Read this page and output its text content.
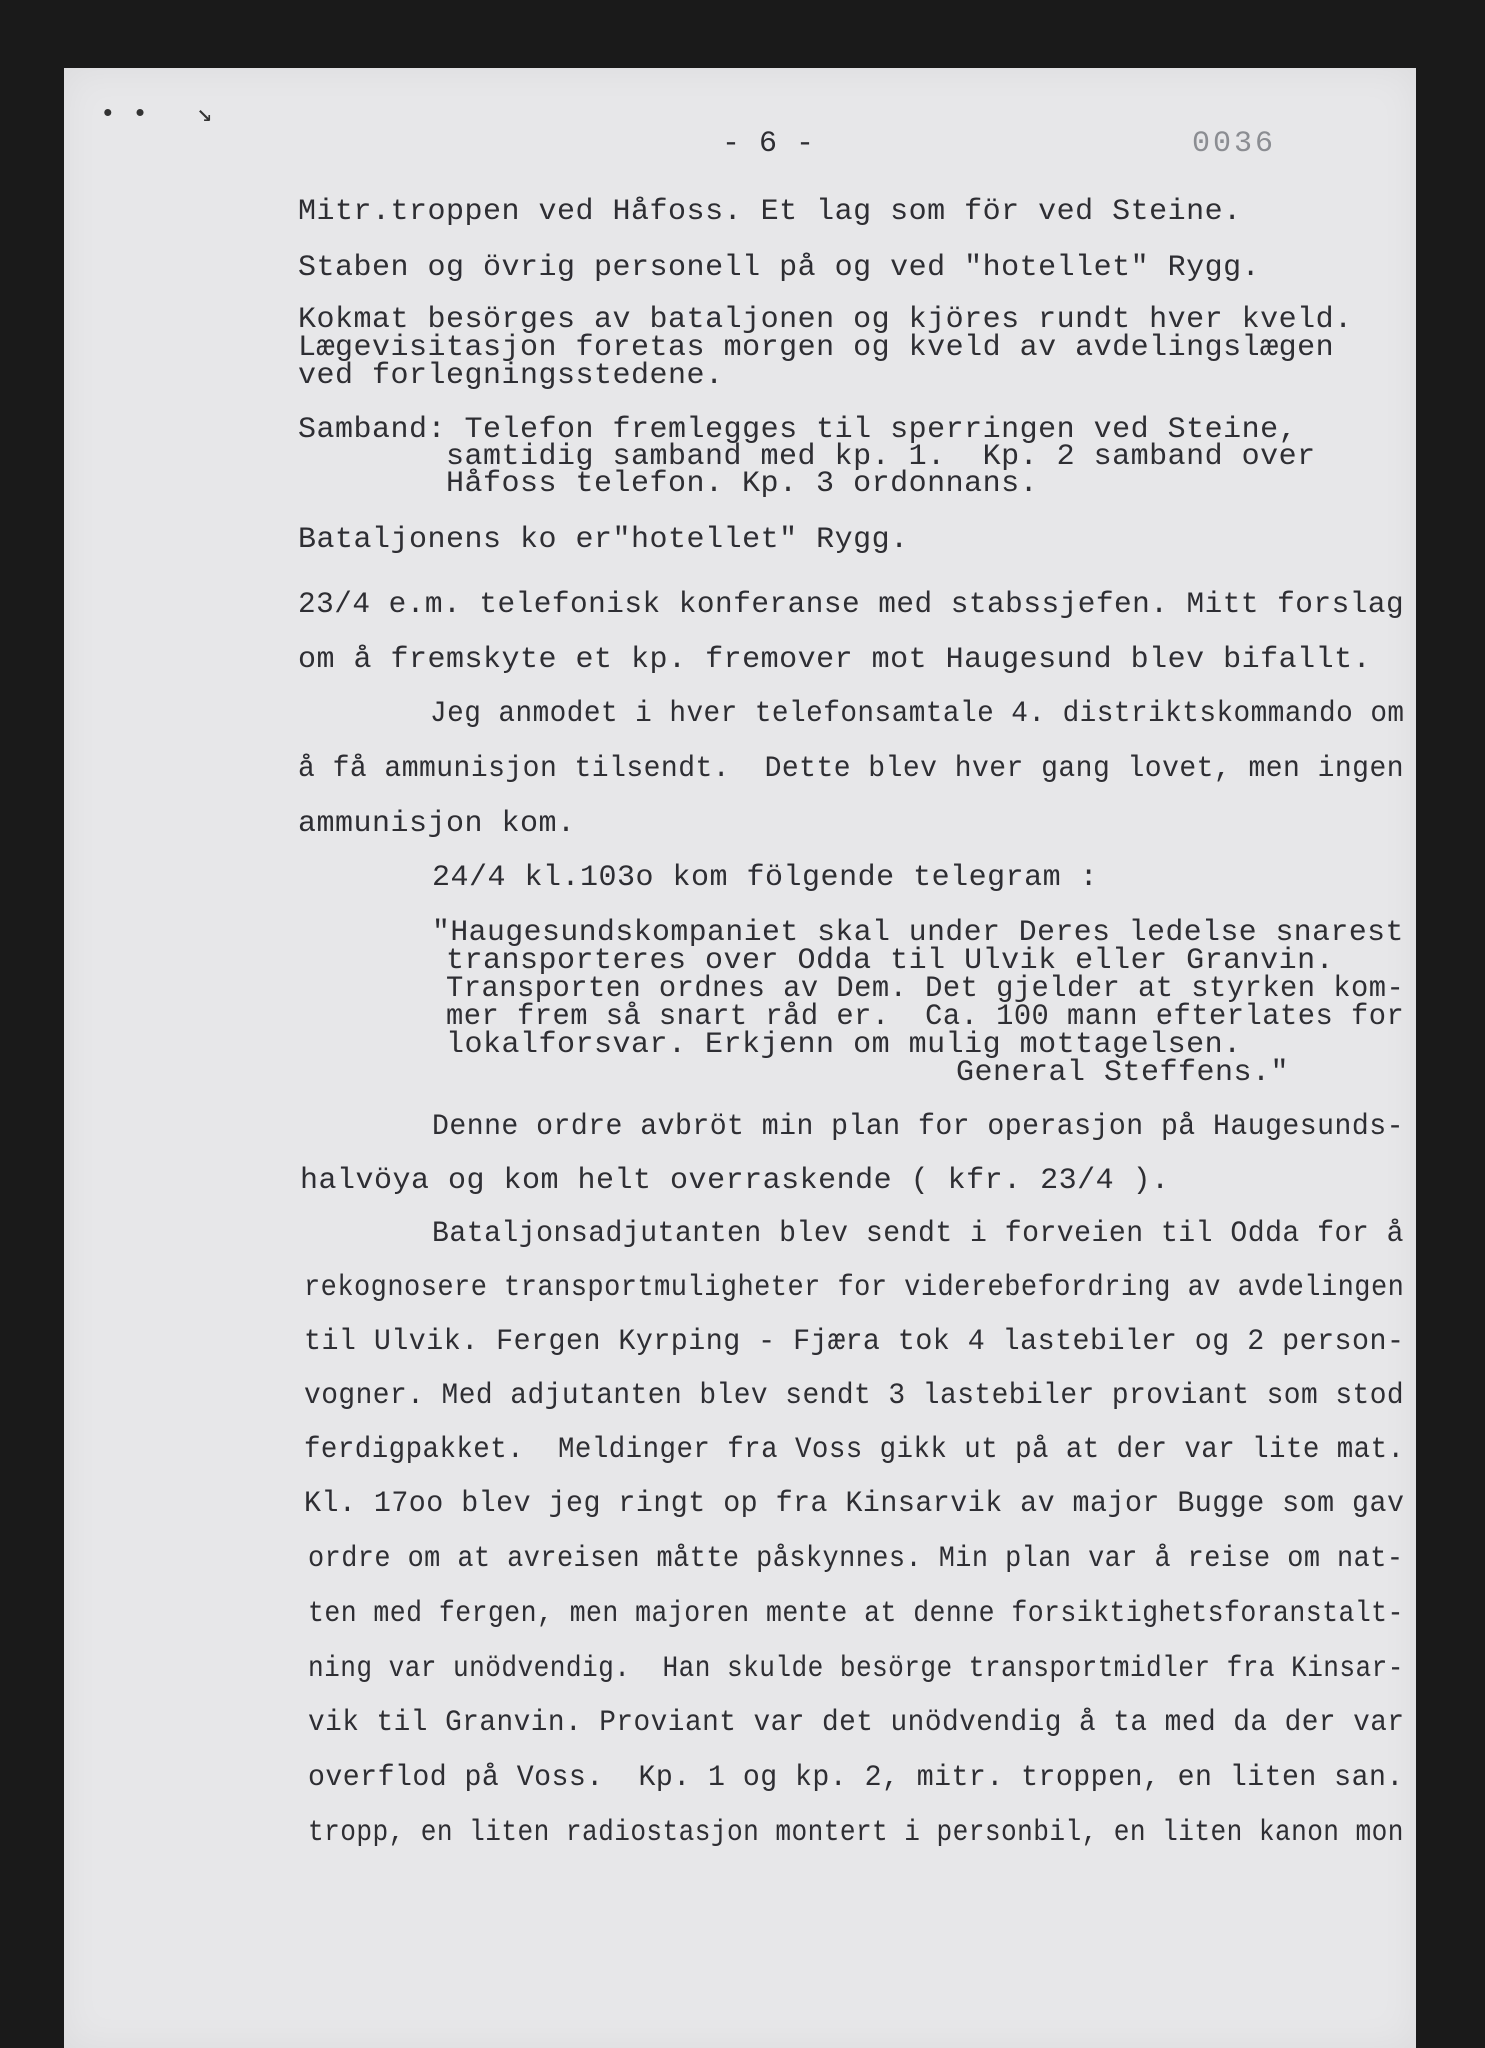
• •   ↘
- 6 -	0036
Mitr.troppen ved Håfoss. Et lag som för ved Steine.
Staben og övrig personell på og ved "hotellet" Rygg.
Kokmat besörges av bataljonen og kjöres rundt hver kveld.
Lægevisitasjon foretas morgen og kveld av avdelingslægen
ved forlegningsstedene.
Samband: Telefon fremlegges til sperringen ved Steine,
samtidig samband med kp. 1.  Kp. 2 samband over
Håfoss telefon. Kp. 3 ordonnans.
Bataljonens ko er"hotellet" Rygg.
23/4 e.m. telefonisk konferanse med stabssjefen. Mitt forslag
om å fremskyte et kp. fremover mot Haugesund blev bifallt.
Jeg anmodet i hver telefonsamtale 4. distriktskommando om
å få ammunisjon tilsendt.  Dette blev hver gang lovet, men ingen
ammunisjon kom.
24/4 kl.103o kom fölgende telegram :
"Haugesundskompaniet skal under Deres ledelse snarest
transporteres over Odda til Ulvik eller Granvin.
Transporten ordnes av Dem. Det gjelder at styrken kom-
mer frem så snart råd er.  Ca. 100 mann efterlates for
lokalforsvar. Erkjenn om mulig mottagelsen.
General Steffens."
Denne ordre avbröt min plan for operasjon på Haugesunds-
halvöya og kom helt overraskende ( kfr. 23/4 ).
Bataljonsadjutanten blev sendt i forveien til Odda for å
rekognosere transportmuligheter for viderebefordring av avdelingen
til Ulvik. Fergen Kyrping - Fjæra tok 4 lastebiler og 2 person-
vogner. Med adjutanten blev sendt 3 lastebiler proviant som stod
ferdigpakket.  Meldinger fra Voss gikk ut på at der var lite mat.
Kl. 17oo blev jeg ringt op fra Kinsarvik av major Bugge som gav
ordre om at avreisen måtte påskynnes. Min plan var å reise om nat-
ten med fergen, men majoren mente at denne forsiktighetsforanstalt-
ning var unödvendig.  Han skulde besörge transportmidler fra Kinsar-
vik til Granvin. Proviant var det unödvendig å ta med da der var
overflod på Voss.  Kp. 1 og kp. 2, mitr. troppen, en liten san.
tropp, en liten radiostasjon montert i personbil, en liten kanon mon
